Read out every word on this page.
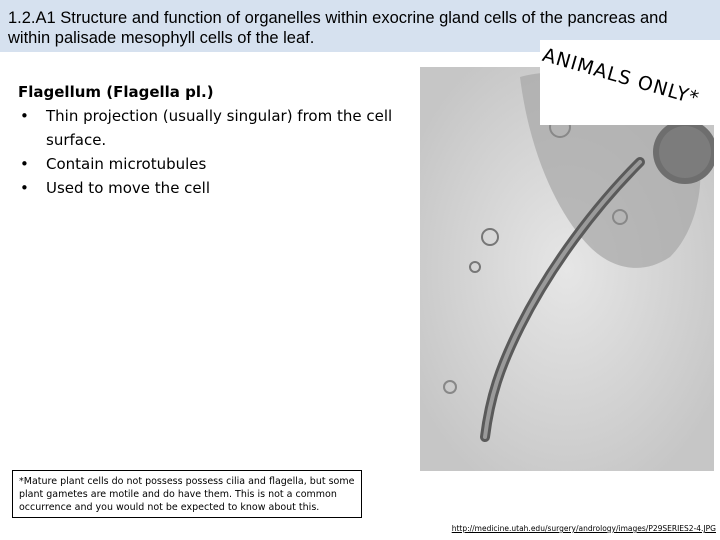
1.2.A1 Structure and function of organelles within exocrine gland cells of the pancreas and within palisade mesophyll cells of the leaf.
Flagellum (Flagella pl.)
• Thin projection (usually singular) from the cell surface.
• Contain microtubules
• Used to move the cell
ANIMALS ONLY*
*Mature plant cells do not possess possess cilia and flagella, but some plant gametes are motile and do have them. This is not a common occurrence and you would not be expected to know about this.
http://medicine.utah.edu/surgery/andrology/images/P29SERIES2-4.JPG
